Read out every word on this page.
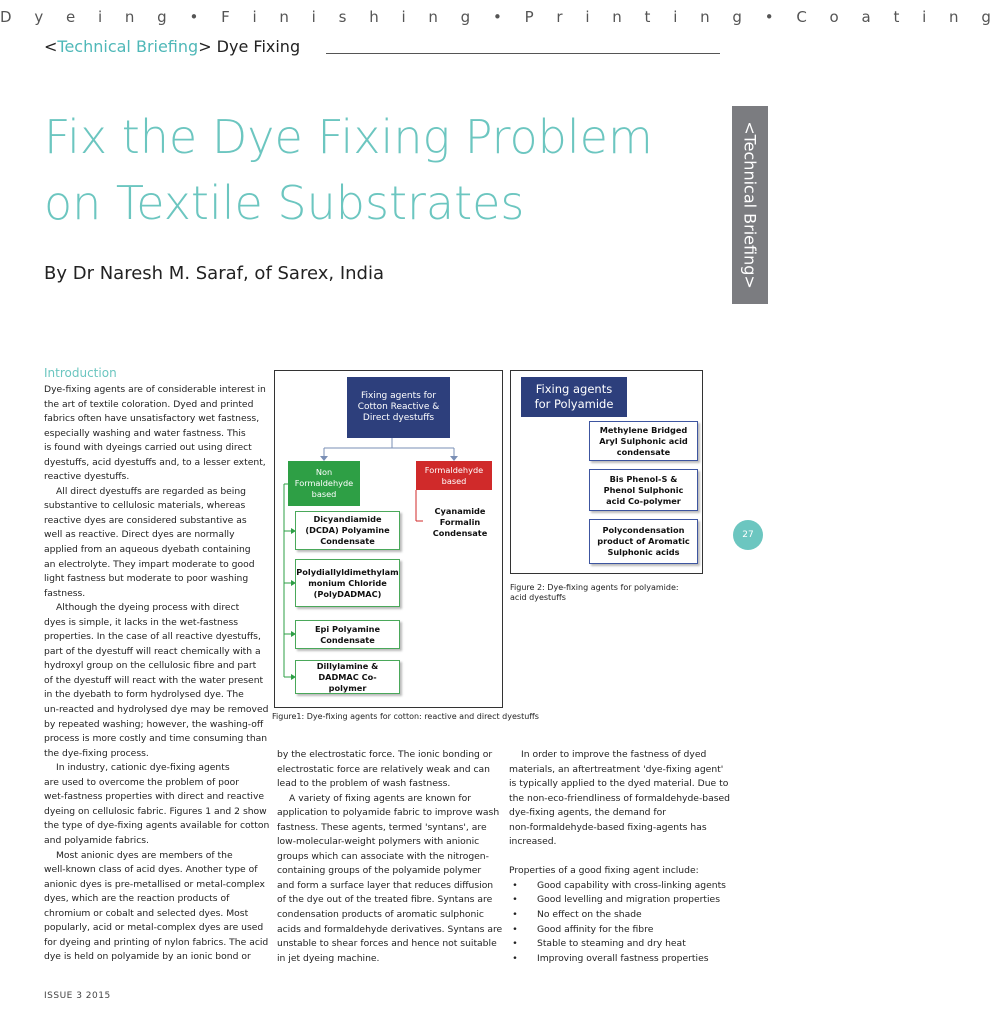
D y e i n g • F i n i s h i n g • P r i n t i n g • C o a t i n g
<Technical Briefing> Dye Fixing
Fix the Dye Fixing Problem
on Textile Substrates	<Technical Briefing>
By Dr Naresh M. Saraf, of Sarex, India
27
Introduction

Dye-fixing agents are of considerable interest in

the art of textile coloration. Dyed and printed

fabrics often have unsatisfactory wet fastness,

especially washing and water fastness. This

is found with dyeings carried out using direct

dyestuffs, acid dyestuffs and, to a lesser extent,

reactive dyestuffs.

All direct dyestuffs are regarded as being

substantive to cellulosic materials, whereas

reactive dyes are considered substantive as

well as reactive. Direct dyes are normally

applied from an aqueous dyebath containing

an electrolyte. They impart moderate to good

light fastness but moderate to poor washing

fastness.

Although the dyeing process with direct

dyes is simple, it lacks in the wet-fastness

properties. In the case of all reactive dyestuffs,

part of the dyestuff will react chemically with a

hydroxyl group on the cellulosic fibre and part

of the dyestuff will react with the water present

in the dyebath to form hydrolysed dye. The

un-reacted and hydrolysed dye may be removed

by repeated washing; however, the washing-off

process is more costly and time consuming than

the dye-fixing process.

In industry, cationic dye-fixing agents

are used to overcome the problem of poor

wet-fastness properties with direct and reactive

dyeing on cellulosic fabric. Figures 1 and 2 show

the type of dye-fixing agents available for cotton

and polyamide fabrics.

Most anionic dyes are members of the

well-known class of acid dyes. Another type of

anionic dyes is pre-metallised or metal-complex

dyes, which are the reaction products of

chromium or cobalt and selected dyes. Most

popularly, acid or metal-complex dyes are used

for dyeing and printing of nylon fabrics. The acid

dye is held on polyamide by an ionic bond or

by the electrostatic force. The ionic bonding or

electrostatic force are relatively weak and can

lead to the problem of wash fastness.

A variety of fixing agents are known for

application to polyamide fabric to improve wash

fastness. These agents, termed 'syntans', are

low-molecular-weight polymers with anionic

groups which can associate with the nitrogen-

containing groups of the polyamide polymer

and form a surface layer that reduces diffusion

of the dye out of the treated fibre. Syntans are

condensation products of aromatic sulphonic

acids and formaldehyde derivatives. Syntans are

unstable to shear forces and hence not suitable

in jet dyeing machine.

In order to improve the fastness of dyed

materials, an aftertreatment 'dye-fixing agent'

is typically applied to the dyed material. Due to

the non-eco-friendliness of formaldehyde-based

dye-fixing agents, the demand for

non-formaldehyde-based fixing-agents has

increased.

Properties of a good fixing agent include:

•	Good capability with cross-linking agents
•	Good levelling and migration properties
•	No effect on the shade
•	Good affinity for the fibre
•	Stable to steaming and dry heat
•	Improving overall fastness properties
Fixing agents for Cotton Reactive & Direct dyestuffs
Non Formaldehyde based
Formaldehyde based
Dicyandiamide (DCDA) Polyamine Condensate
Polydiallyldimethylam monium Chloride (PolyDADMAC)
Epi Polyamine Condensate
Dillylamine & DADMAC Co-polymer
Cyanamide Formalin Condensate
Figure1: Dye-fixing agents for cotton: reactive and direct dyestuffs
Fixing agents for Polyamide
Methylene Bridged Aryl Sulphonic acid condensate
Bis Phenol-S & Phenol Sulphonic acid Co-polymer
Polycondensation product of Aromatic Sulphonic acids
Figure 2: Dye-fixing agents for polyamide:
acid dyestuffs
ISSUE 3 2015
